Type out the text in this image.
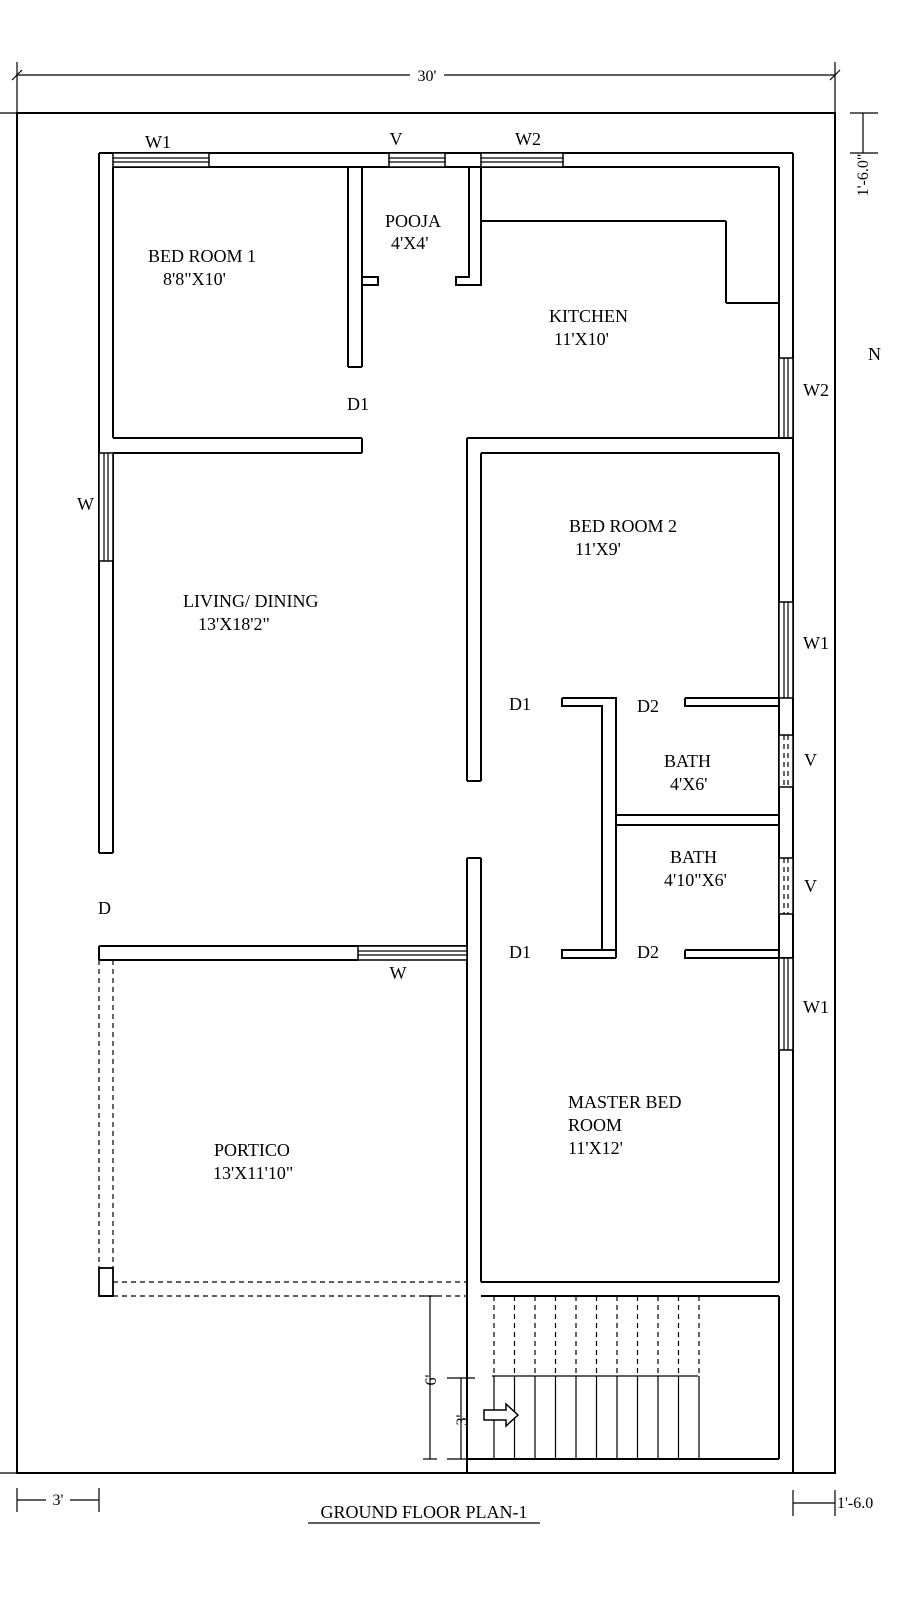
30'
1'-6.0"
N
W1	V	W2
W2
W1
W
V
V
W1
W
6'
3'
3'	1'-6.0
BED ROOM 1
8'8"X10'
POOJA
4'X4'
KITCHEN
11'X10'
D1
LIVING/ DINING
13'X18'2"
BED ROOM 2
11'X9'
D1	D2
BATH
4'X6'
BATH
4'10"X6'
D
D1	D2
MASTER BED
ROOM
11'X12'
PORTICO
13'X11'10"
GROUND FLOOR PLAN-1
